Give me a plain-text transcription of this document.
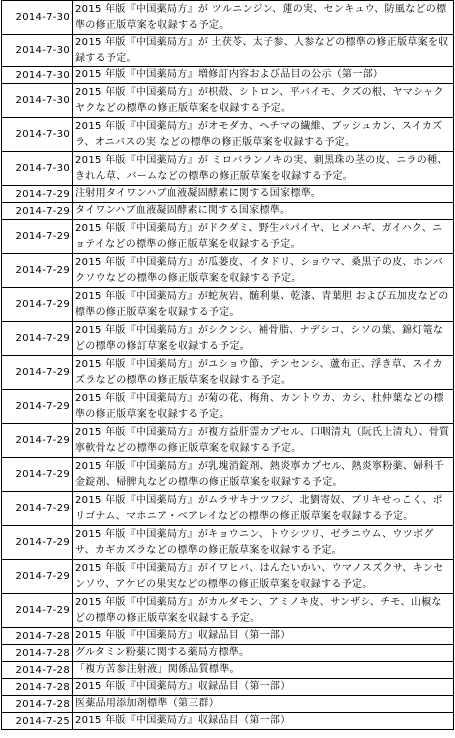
2014-7-30	2015 年版『中国薬局方』が ツルニンジン、蓮の実、センキュウ、防風などの標準の修正版草案を収録する予定。
2014-7-30	2015 年版『中国薬局方』が 土茯苓、太子参、人参などの標準の修正版草案を収録する予定。
2014-7-30	2015 年版『中国薬局方』増修訂内容および品目の公示（第一部）
2014-7-30	2015 年版『中国薬局方』が枳殻、シトロン、平バイモ、クズの根、ヤマシャクヤクなどの標準の修正版草案を収録する予定。
2014-7-30	2015 年版『中国薬局方』がオモダカ、ヘチマの繊維、ブッシュカン、スイカズラ、オニバスの実 などの標準の修正版草案を収録する予定。
2014-7-30	2015 年版『中国薬局方』が ミロバランノキの実、刺黒珠の茎の皮、ニラの種、きれん草、バームなどの標準の修正版草案を収録する予定。
2014-7-29	注射用タイワンハブ血液凝固酵素に関する国家標準。
2014-7-29	タイワンハブ血液凝固酵素に関する国家標準。
2014-7-29	2015 年版『中国薬局方』がドクダミ、野生パパイヤ、ヒメハギ、ガイハク、ニョテイなどの標準の修正版草案を収録する予定。
2014-7-29	2015 年版『中国薬局方』が瓜蒌皮、イタドリ、ショウマ、桑黒子の皮、ホンバクソウなどの標準の修正版草案を収録する予定。
2014-7-29	2015 年版『中国薬局方』が蛇灰岩、髄利巣、乾漆、青葉胆 および五加皮などの標準の修正版草案を収録する予定。
2014-7-29	2015 年版『中国薬局方』がシクンシ、補骨脂、ナデシコ、シソの葉、錦灯篭などの標準の修訂草案を収録する予定。
2014-7-29	2015 年版『中国薬局方』がユショウ節、テンセンシ、蘆布正、浮き草、スイカズラなどの標準の修正版草案を収録する予定。
2014-7-29	2015 年版『中国薬局方』が菊の花、梅角、カントウカ、カシ、杜仲葉などの標準の修正版草案を収録する予定。
2014-7-29	2015 年版『中国薬局方』が複方益肝霊カプセル、口咽清丸（阮氏上清丸）、骨質寧軟骨などの標準の修正版草案を収録する予定。
2014-7-29	2015 年版『中国薬局方』が乳塊消錠剤、熱炎寧カプセル、熱炎寧粉薬、婦科千金錠剤、帰脾丸などの標準の修正版草案を収録する予定。
2014-7-29	2015 年版『中国薬局方』がムラサキナツフジ、北劉寄奴、ブリキせっこく、ポリゴナム、マホニア・ベアレイなどの標準の修正版草案を収録する予定。
2014-7-29	2015 年版『中国薬局方』がキョウニン、トウシツリ、ゼラニウム、ウツボグサ、カギカズラなどの標準の修正版草案を収録する予定。
2014-7-29	2015 年版『中国薬局方』がイワヒバ、はんたいかい、ウマノスズクサ、キンセンソウ、アケビの果実などの標準の修正版草案を収録する予定。
2014-7-29	2015 年版『中国薬局方』がカルダモン、アミノキ皮、サンザシ、チモ、山椒などの標準の修正版草案を収録する予定。
2014-7-28	2015 年版『中国薬局方』収録品目（第一部）
2014-7-28	グルタミン粉薬に関する薬局方標準。
2014-7-28	「複方苦参注射液」関係品質標準。
2014-7-28	2015 年版『中国薬局方』収録品目（第一部）
2014-7-28	医薬品用添加剤標準（第三群）
2014-7-25	2015 年版『中国薬局方』収録品目（第一部）
